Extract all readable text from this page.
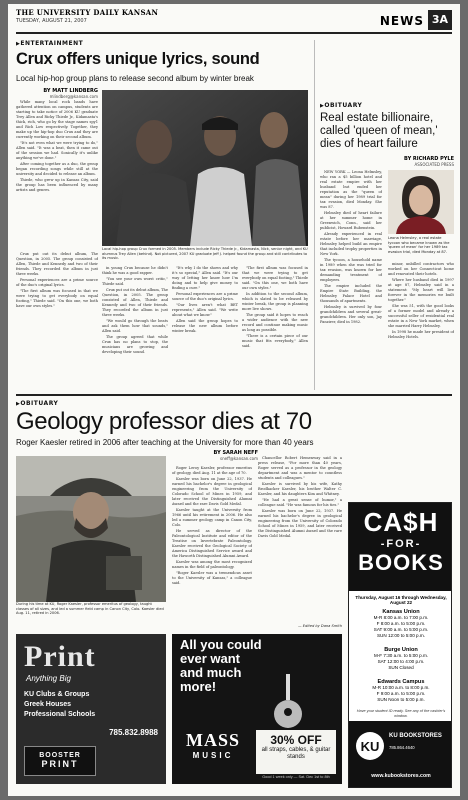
THE UNIVERSITY DAILY KANSAN
TUESDAY, AUGUST 21, 2007	NEWS 3A
▶ ENTERTAINMENT
Crux offers unique lyrics, sound
Local hip-hop group plans to release second album by winter break
BY MATT LINDBERG
mlindberg@kansan.com

While many local rock bands have gathered attention on campus, students are starting to take notice of 2006 KU graduate Trey Allen and Ricky Thiede Jr., Kidamasta's thick, rich, who go by the stage names spy1 and Rich Low respectively. Together, they make up the hip-hop duo Crux and they are currently working on their second album.

"It's not even what we were trying to do," Allen said. "It was a beat, then it came out of the session we had. Sonically it's unlike anything we've done."

After coming together as a duo, the group began recording songs while still at the university and decided to release an album.

Thiede, who grew up in Kansas City, said the group has been influenced by many artists and genres.

Local hip-hop group Crux formed in 2005. Members include Ricky Thiede Jr., Kidamasta, Nick, senior night, and KU alumnus Trey Allen (behind). Not pictured, 2007 KU graduate Jeff J. helped found the group and still contributes to its music.

in young Crux because he didn't think he was a good rapper.

"You see your own worst critic," Thiede said.

Crux put out its debut album, The Question, in 2005. The group consisted of Allen, Thiede and Kennedy and two of their friends. They recorded the album in just three weeks.

"We would go through the beats and ask them how that sounds," Allen said.

The group agreed that while Crux has no plans to stop, the musicians are growing and developing their sound.

"It's why I do the shows and why it's so special," Allen said. "It's our way of letting her know how I'm doing and to help give money to finding a cure."

Personal experiences are a prime source of the duo's original lyrics.

"Our lives aren't what BET represents," Allen said. "We write about what we know."

Allen said the group hopes to release the new album before winter break.

"The first album was focused in that we were trying to get everybody on equal footing," Thiede said. "On this one, we both have our own styles."

In addition to the second album, which is slated to be released by winter break, the group is planning more live shows.

The group said it hopes to reach a wider audience with the new record and continue making music as long as possible.

"There is a certain piece of our music that fits everybody," Allen said.

Crux put out its debut album, The Question, in 2005. The group consisted of Allen, Thiede and Kennedy and two of their friends. They recorded the album in just three weeks.

Personal experiences are a prime source of the duo's original lyrics.

"The first album was focused in that we were trying to get everybody on equal footing," Thiede said. "On this one, we both have our own styles."

▶ OBITUARY
Real estate billionaire, called 'queen of mean,' dies of heart failure
BY RICHARD PYLE
ASSOCIATED PRESS

NEW YORK — Leona Helmsley, who ran a $5 billion hotel and real estate empire with her husband but ended her reputation as the "queen of mean" during her 1989 trial for tax evasion, died Monday. She was 87.

Helmsley died of heart failure at her summer home in Greenwich, Conn., said her publicist, Howard Rubenstein.

Already experienced in real estate before her marriage, Helmsley helped build an empire that included trophy properties in New York.

The tycoon, a household name in 1989 when she was tried for tax evasion, was known for her demanding treatment of employees.

The empire included the Empire State Building, the Helmsley Palace Hotel and thousands of apartments.

Helmsley is survived by four grandchildren and several great-grandchildren. Her only son, Jay Panzirer, died in 1982.

Leona Helmsley, a real estate tycoon who became known as the 'queen of mean' for her 1989 tax evasion trial, died Monday at 87.

minor, unbilled contractors who worked on her Connecticut home and renovated their hotels.

Where her husband died in 1997 at age 87, Helmsley said in a statement: "My heart will live forever in the memories we built together."

She was 51, with the good looks of a former model and already a successful seller of residential real estate in a New York market, when she married Harry Helmsley.

In 1998 he made her president of Helmsley Hotels.

▶ OBITUARY
Geology professor dies at 70
Roger Kaesler retired in 2006 after teaching at the University for more than 40 years
BY SARAH NEFF
sneff@kansan.com
During his time at KU, Roger Kaesler, professor emeritus of geology, taught classes of all sizes, and led a summer field camp in Canon City, Colo. Kaesler died Aug. 11, retired in 2006.

Roger Leroy Kaesler, professor emeritus of geology, died Aug. 11 at the age of 70.

Kaesler was born on June 22, 1937. He earned his bachelor's degree in geological engineering from the University of Colorado School of Mines in 1959, and later received the Distinguished Alumni Award and the rare Davis Gold Medal.

Kaesler taught at the University from 1966 until his retirement in 2006. He also led a summer geology camp in Canon City, Colo.

He served as director of the Paleontological Institute and editor of the Treatise on Invertebrate Paleontology. Kaesler received the Geological Society of America Distinguished Service award and the Haworth Distinguished Alumni Award.

Kaesler was among the most recognized names in the field of paleontology.

"Roger Kaesler was a tremendous asset to the University of Kansas," a colleague said.

Chancellor Robert Hemenway said in a press release, "For more than 40 years, Roger served as a professor in the geology department and was a mentor to countless students and colleagues."

Kaesler is survived by his wife, Kathy Brodhacker Kaesler, his brother Walter C. Kaesler, and his daughters Kim and Whitney.

"He had a great sense of humor," a colleague said. "He was famous for his ties."

Kaesler was born on June 22, 1937. He earned his bachelor's degree in geological engineering from the University of Colorado School of Mines in 1959, and later received the Distinguished Alumni Award and the rare Davis Gold Medal.

— Edited by Dana Smith
Print
Anything Big
KU Clubs & Groups
Greek Houses
Professional Schools
785.832.8988
BOOSTER
PRINT
All you could
ever want
and much
more!
MASS
MUSIC
30% OFF
all straps, cables, & guitar stands
Good 1 week only — Sat. Dec 1st to 8th
CA$H
-FOR-
BOOKS
Thursday, August 16 through Wednesday, August 22
Kansas Union
M-R 8:00 a.m. to 7:00 p.m.
F 8:00 a.m. to 5:00 p.m.
SAT 9:00 a.m. to 5:00 p.m.
SUN 12:00 to 5:00 p.m.
Burge Union
M-F 7:30 a.m. to 5:00 p.m.
SAT 12:00 to 4:00 p.m.
SUN Closed
Edwards Campus
M-R 10:00 a.m. to 8:00 p.m.
F 9:00 a.m. to 5:00 p.m.
SUN Noon to 5:00 p.m.
Have your student ID ready. See any of the cashier's window.
KU
KU BOOKSTORES
785.864.4640
www.kubookstores.com
